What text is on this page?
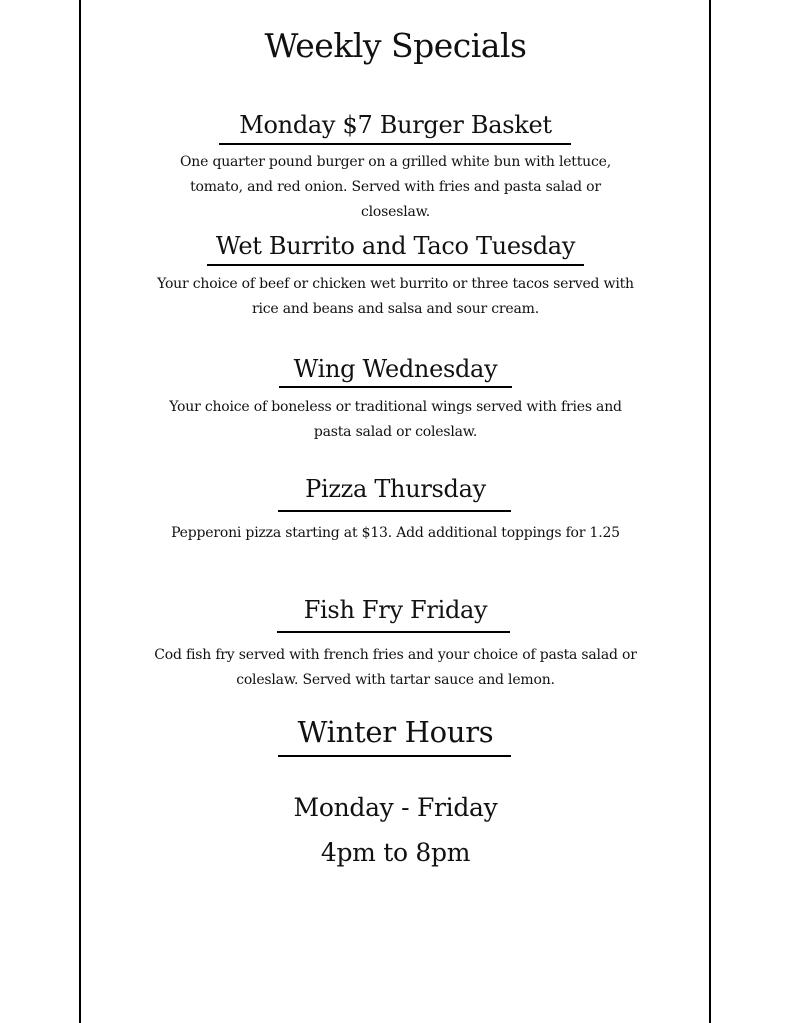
Weekly Specials
Monday $7 Burger Basket
One quarter pound burger on a grilled white bun with lettuce, tomato, and red onion. Served with fries and pasta salad or closeslaw.
Wet Burrito and Taco Tuesday
Your choice of beef or chicken wet burrito or three tacos served with rice and beans and salsa and sour cream.
Wing Wednesday
Your choice of boneless or traditional wings served with fries and pasta salad or coleslaw.
Pizza Thursday
Pepperoni pizza starting at $13. Add additional toppings for 1.25
Fish Fry Friday
Cod fish fry served with french fries and your choice of pasta salad or coleslaw. Served with tartar sauce and lemon.
Winter Hours
Monday - Friday
4pm to 8pm
